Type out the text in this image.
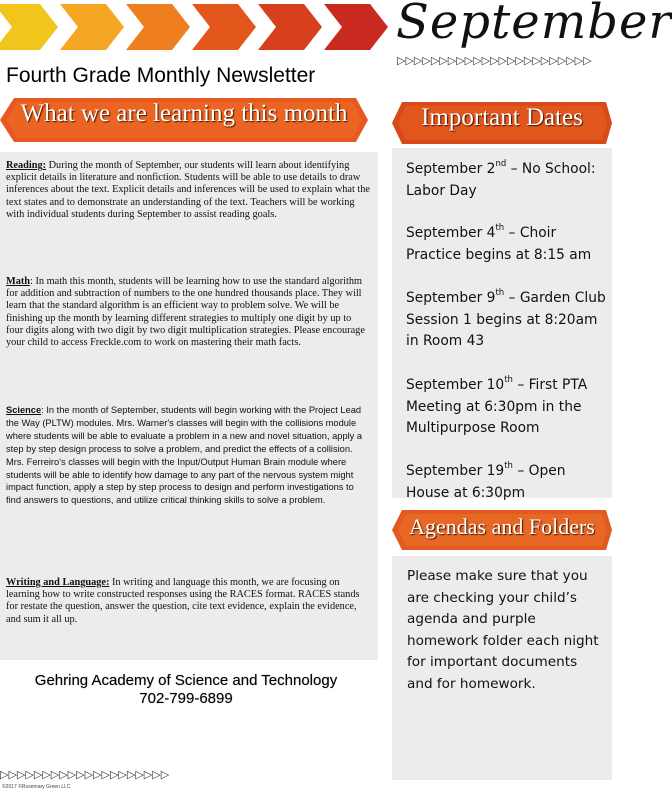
September
▷▷▷▷▷▷▷▷▷▷▷▷▷▷▷▷▷▷▷▷▷▷▷
Fourth Grade Monthly Newsletter
What we are learning this month	Important Dates
Reading: During the month of September, our students will learn about identifying explicit details in literature and nonfiction. Students will be able to use details to draw inferences about the text. Explicit details and inferences will be used to explain what the text states and to demonstrate an understanding of the text. Teachers will be working with individual students during September to assist reading goals.
Math: In math this month, students will be learning how to use the standard algorithm for addition and subtraction of numbers to the one hundred thousands place. They will learn that the standard algorithm is an efficient way to problem solve. We will be finishing up the month by learning different strategies to multiply one digit by up to four digits along with two digit by two digit multiplication strategies. Please encourage your child to access Freckle.com to work on mastering their math facts.
Science: In the month of September, students will begin working with the Project Lead the Way (PLTW) modules. Mrs. Warner's classes will begin with the collisions module where students will be able to evaluate a problem in a new and novel situation, apply a step by step design process to solve a problem, and predict the effects of a collision. Mrs. Ferreiro's classes will begin with the Input/Output Human Brain module where students will be able to identify how damage to any part of the nervous system might impact function, apply a step by step process to design and perform investigations to find answers to questions, and utilize critical thinking skills to solve a problem.
Writing and Language: In writing and language this month, we are focusing on learning how to write constructed responses using the RACES format. RACES stands for restate the question, answer the question, cite text evidence, explain the evidence, and sum it all up.
September 2nd – No School: Labor Day
September 4th – Choir Practice begins at 8:15 am
September 9th – Garden Club Session 1 begins at 8:20am in Room 43
September 10th – First PTA Meeting at 6:30pm in the Multipurpose Room
September 19th – Open House at 6:30pm
Agendas and Folders
Please make sure that you are checking your child’s agenda and purple homework folder each night for important documents and for homework.
Gehring Academy of Science and Technology
702-799-6899
▷▷▷▷▷▷▷▷▷▷▷▷▷▷▷▷▷▷▷▷
©2017 ©Rosemary Green LLC
